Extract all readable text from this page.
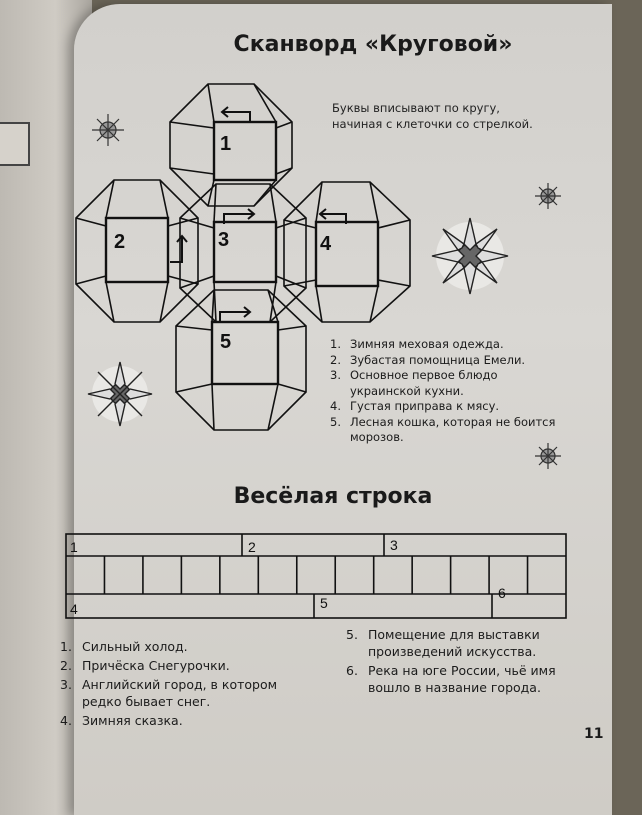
Сканворд «Круговой»
Буквы вписывают по кругу,
начиная с клеточки со стрелкой.
1
2	3	4
5
1	2	3
4	5
6
1. Зимняя меховая одежда.
2. Зубастая помощница Емели.
3. Основное первое блюдо украинской кухни.
4. Густая приправа к мясу.
5. Лесная кошка, которая не боится морозов.
Весёлая строка
1. Сильный холод.
2. Причёска Снегурочки.
3. Английский город, в котором редко бывает снег.
4. Зимняя сказка.
5. Помещение для выставки произведений искусства.
6. Река на юге России, чьё имя вошло в название города.
11
